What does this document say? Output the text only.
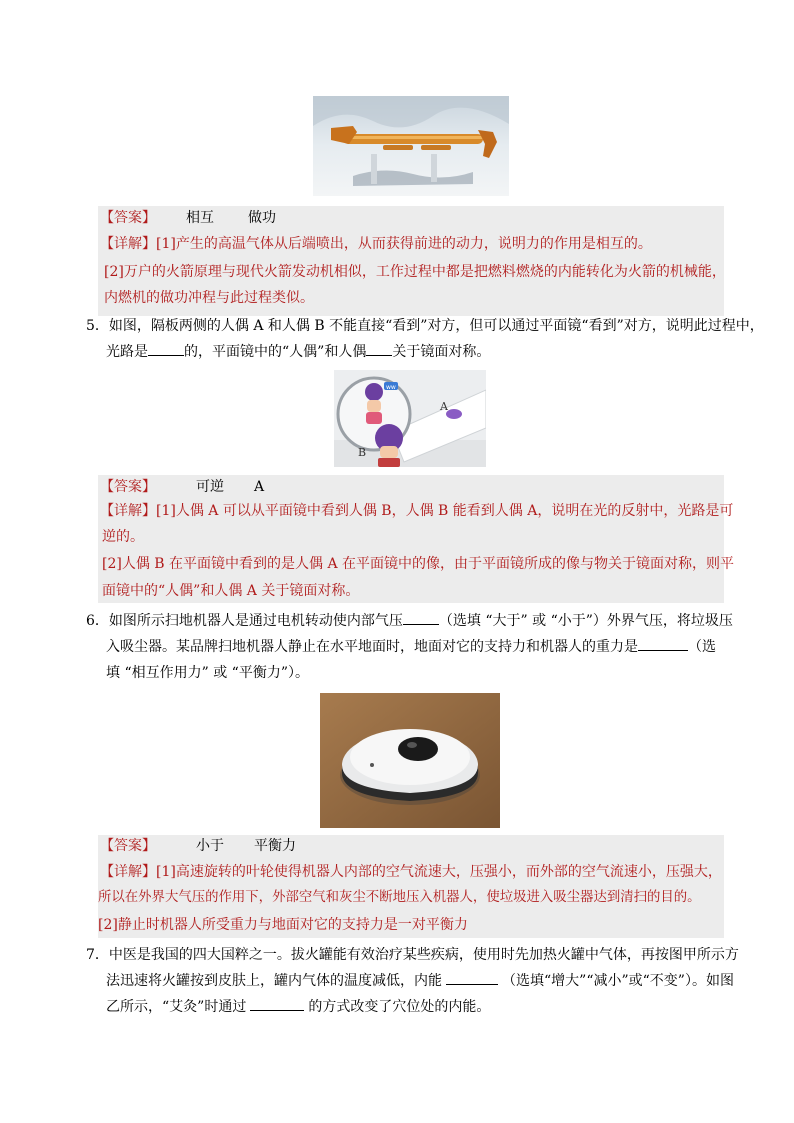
【答案】 相互 做功
【详解】[1]产生的高温气体从后端喷出，从而获得前进的动力，说明力的作用是相互的。
[2]万户的火箭原理与现代火箭发动机相似，工作过程中都是把燃料燃烧的内能转化为火箭的机械能，
内燃机的做功冲程与此过程类似。
5．如图，隔板两侧的人偶 A 和人偶 B 不能直接“看到”对方，但可以通过平面镜“看到”对方，说明此过程中，
光路是	的，平面镜中的“人偶”和人偶 关于镜面对称。
ww
A
B
【答案】	可逆 A
【详解】[1]人偶 A 可以从平面镜中看到人偶 B，人偶 B 能看到人偶 A，说明在光的反射中，光路是可
逆的。
[2]人偶 B 在平面镜中看到的是人偶 A 在平面镜中的像，由于平面镜所成的像与物关于镜面对称，则平
面镜中的“人偶”和人偶 A 关于镜面对称。
6．如图所示扫地机器人是通过电机转动使内部气压	（选填 “大于” 或 “小于”）外界气压，将垃圾压
入吸尘器。某品牌扫地机器人静止在水平地面时，地面对它的支持力和机器人的重力是	（选
填 “相互作用力” 或 “平衡力”）。
【答案】	小于 平衡力
【详解】[1]高速旋转的叶轮使得机器人内部的空气流速大，压强小，而外部的空气流速小，压强大，
所以在外界大气压的作用下，外部空气和灰尘不断地压入机器人，使垃圾进入吸尘器达到清扫的目的。
[2]静止时机器人所受重力与地面对它的支持力是一对平衡力
7．中医是我国的四大国粹之一。拔火罐能有效治疗某些疾病，使用时先加热火罐中气体，再按图甲所示方
法迅速将火罐按到皮肤上，罐内气体的温度减低，内能	（选填“增大”“减小”或“不变”）。如图
乙所示，“艾灸”时通过	的方式改变了穴位处的内能。
